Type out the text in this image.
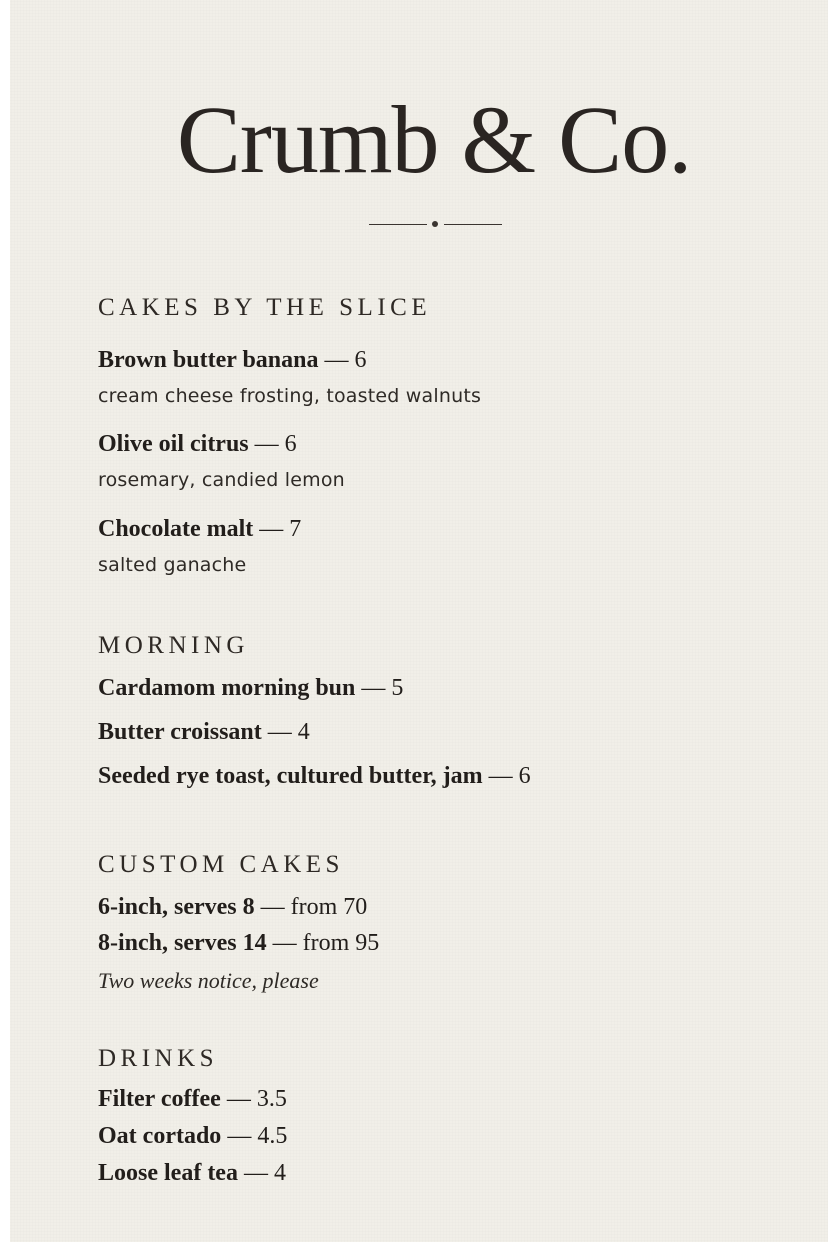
Crumb & Co.
CAKES BY THE SLICE
Brown butter banana — 6
cream cheese frosting, toasted walnuts
Olive oil citrus — 6
rosemary, candied lemon
Chocolate malt — 7
salted ganache
MORNING
Cardamom morning bun — 5
Butter croissant — 4
Seeded rye toast, cultured butter, jam — 6
CUSTOM CAKES
6-inch, serves 8 — from 70
8-inch, serves 14 — from 95
Two weeks notice, please
DRINKS
Filter coffee — 3.5
Oat cortado — 4.5
Loose leaf tea — 4
